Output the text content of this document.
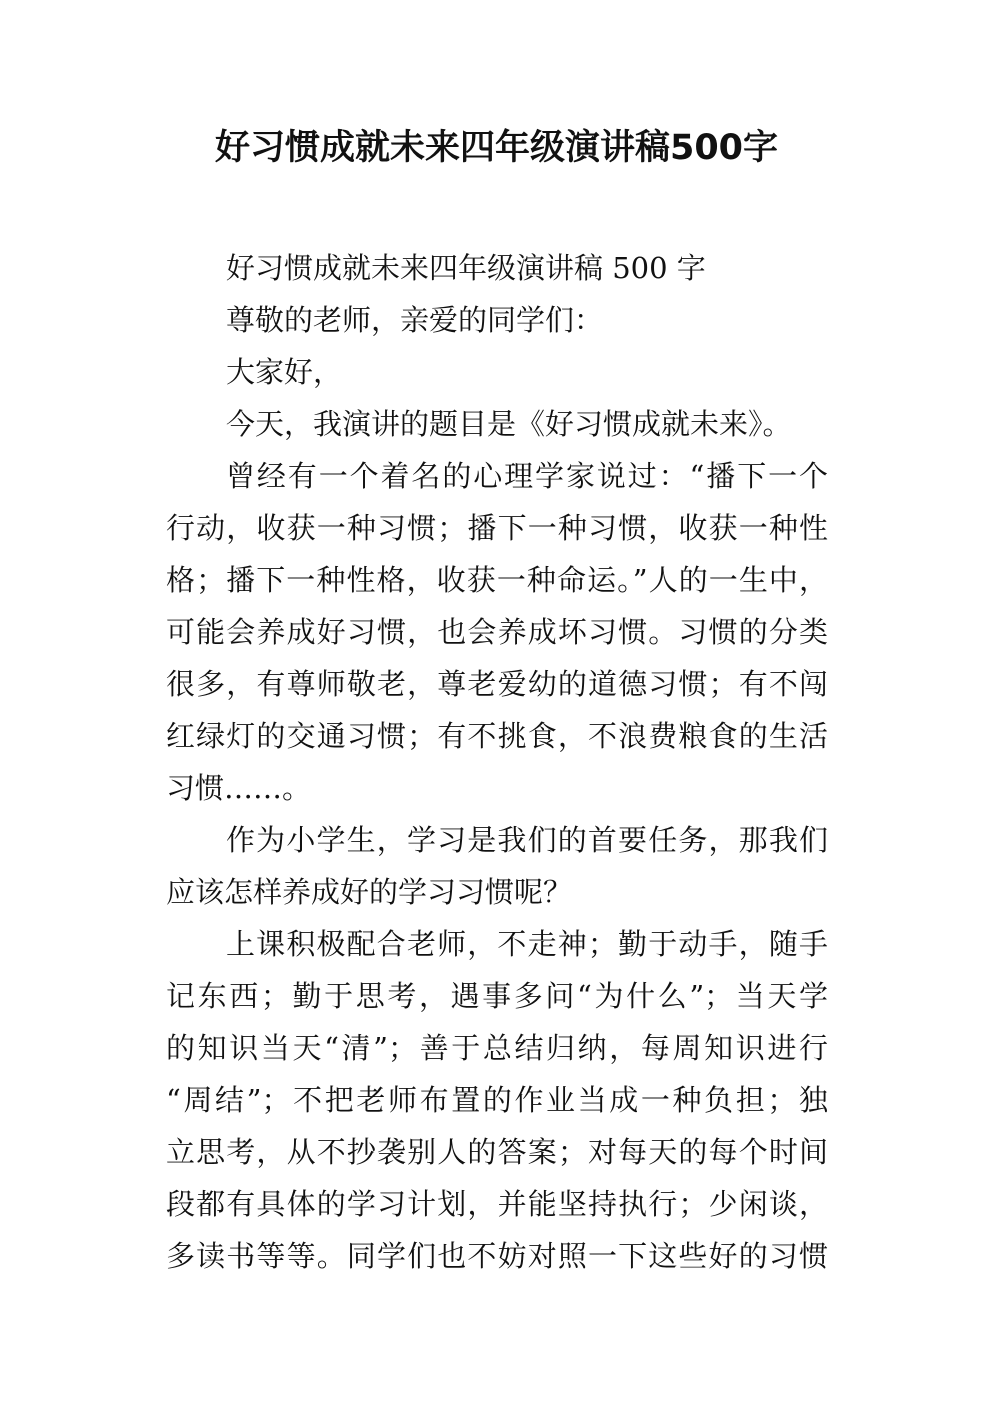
好习惯成就未来四年级演讲稿500字
好习惯成就未来四年级演讲稿 500 字
尊敬的老师，亲爱的同学们：
大家好，
今天，我演讲的题目是《好习惯成就未来》。
曾经有一个着名的心理学家说过：“播下一个
行动，收获一种习惯；播下一种习惯，收获一种性
格；播下一种性格，收获一种命运。”人的一生中，
可能会养成好习惯，也会养成坏习惯。习惯的分类
很多，有尊师敬老，尊老爱幼的道德习惯；有不闯
红绿灯的交通习惯；有不挑食，不浪费粮食的生活
习惯……。
作为小学生，学习是我们的首要任务，那我们
应该怎样养成好的学习习惯呢？
上课积极配合老师，不走神；勤于动手，随手
记东西；勤于思考，遇事多问“为什么”；当天学
的知识当天“清”；善于总结归纳，每周知识进行
“周结”；不把老师布置的作业当成一种负担；独
立思考，从不抄袭别人的答案；对每天的每个时间
段都有具体的学习计划，并能坚持执行；少闲谈，
多读书等等。同学们也不妨对照一下这些好的习惯
